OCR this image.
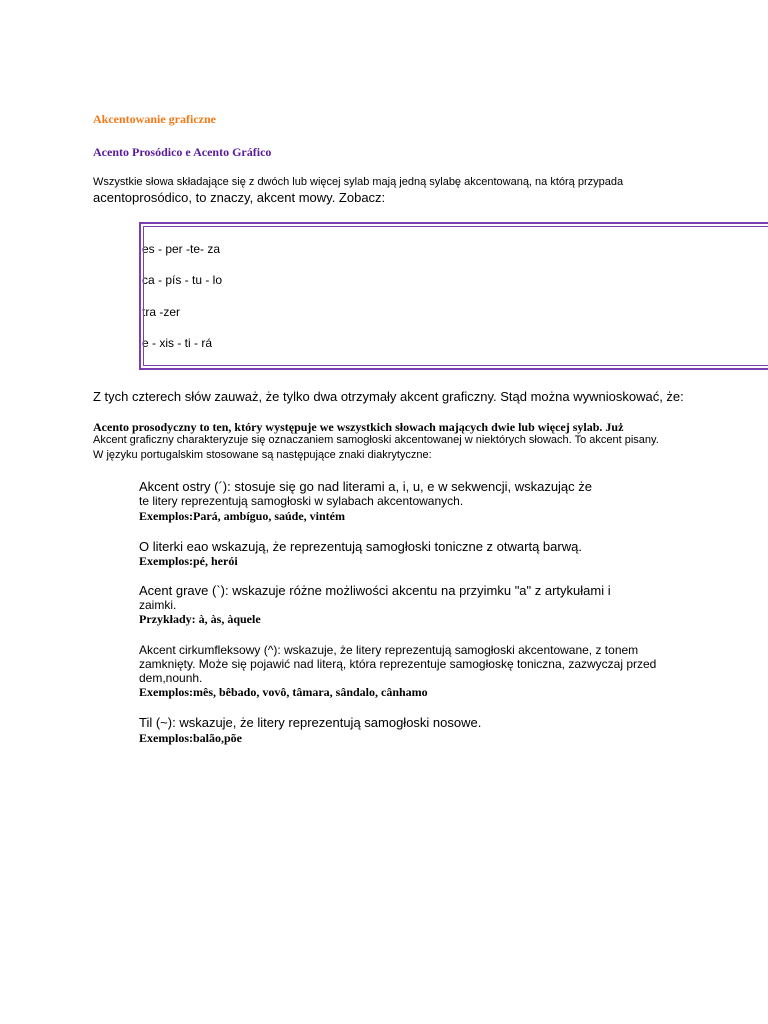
Akcentowanie graficzne
Acento Prosódico e Acento Gráfico
Wszystkie słowa składające się z dwóch lub więcej sylab mają jedną sylabę akcentowaną, na którą przypada
acentoprosódico, to znaczy, akcent mowy. Zobacz:
es - per -te- za
ca - pís - tu - lo
tra -zer
e - xis - ti - rá
Z tych czterech słów zauważ, że tylko dwa otrzymały akcent graficzny. Stąd można wywnioskować, że:
Acento prosodyczny to ten, który występuje we wszystkich słowach mających dwie lub więcej sylab. Już
Akcent graficzny charakteryzuje się oznaczaniem samogłoski akcentowanej w niektórych słowach. To akcent pisany.
W języku portugalskim stosowane są następujące znaki diakrytyczne:
Akcent ostry (´): stosuje się go nad literami a, i, u, e w sekwencji, wskazując że
te litery reprezentują samogłoski w sylabach akcentowanych.
Exemplos:Pará, ambíguo, saúde, vintém
O literki eao wskazują, że reprezentują samogłoski toniczne z otwartą barwą.
Exemplos:pé, herói
Acent grave (`): wskazuje różne możliwości akcentu na przyimku "a" z artykułami i
zaimki.
Przykłady: à, às, àquele
Akcent cirkumfleksowy (^): wskazuje, że litery reprezentują samogłoski akcentowane, z tonem
zamknięty. Może się pojawić nad literą, która reprezentuje samogłoskę toniczna, zazwyczaj przed
dem,nounh.
Exemplos:mês, bêbado, vovô, tâmara, sândalo, cânhamo
Til (~): wskazuje, że litery reprezentują samogłoski nosowe.
Exemplos:balão,põe
